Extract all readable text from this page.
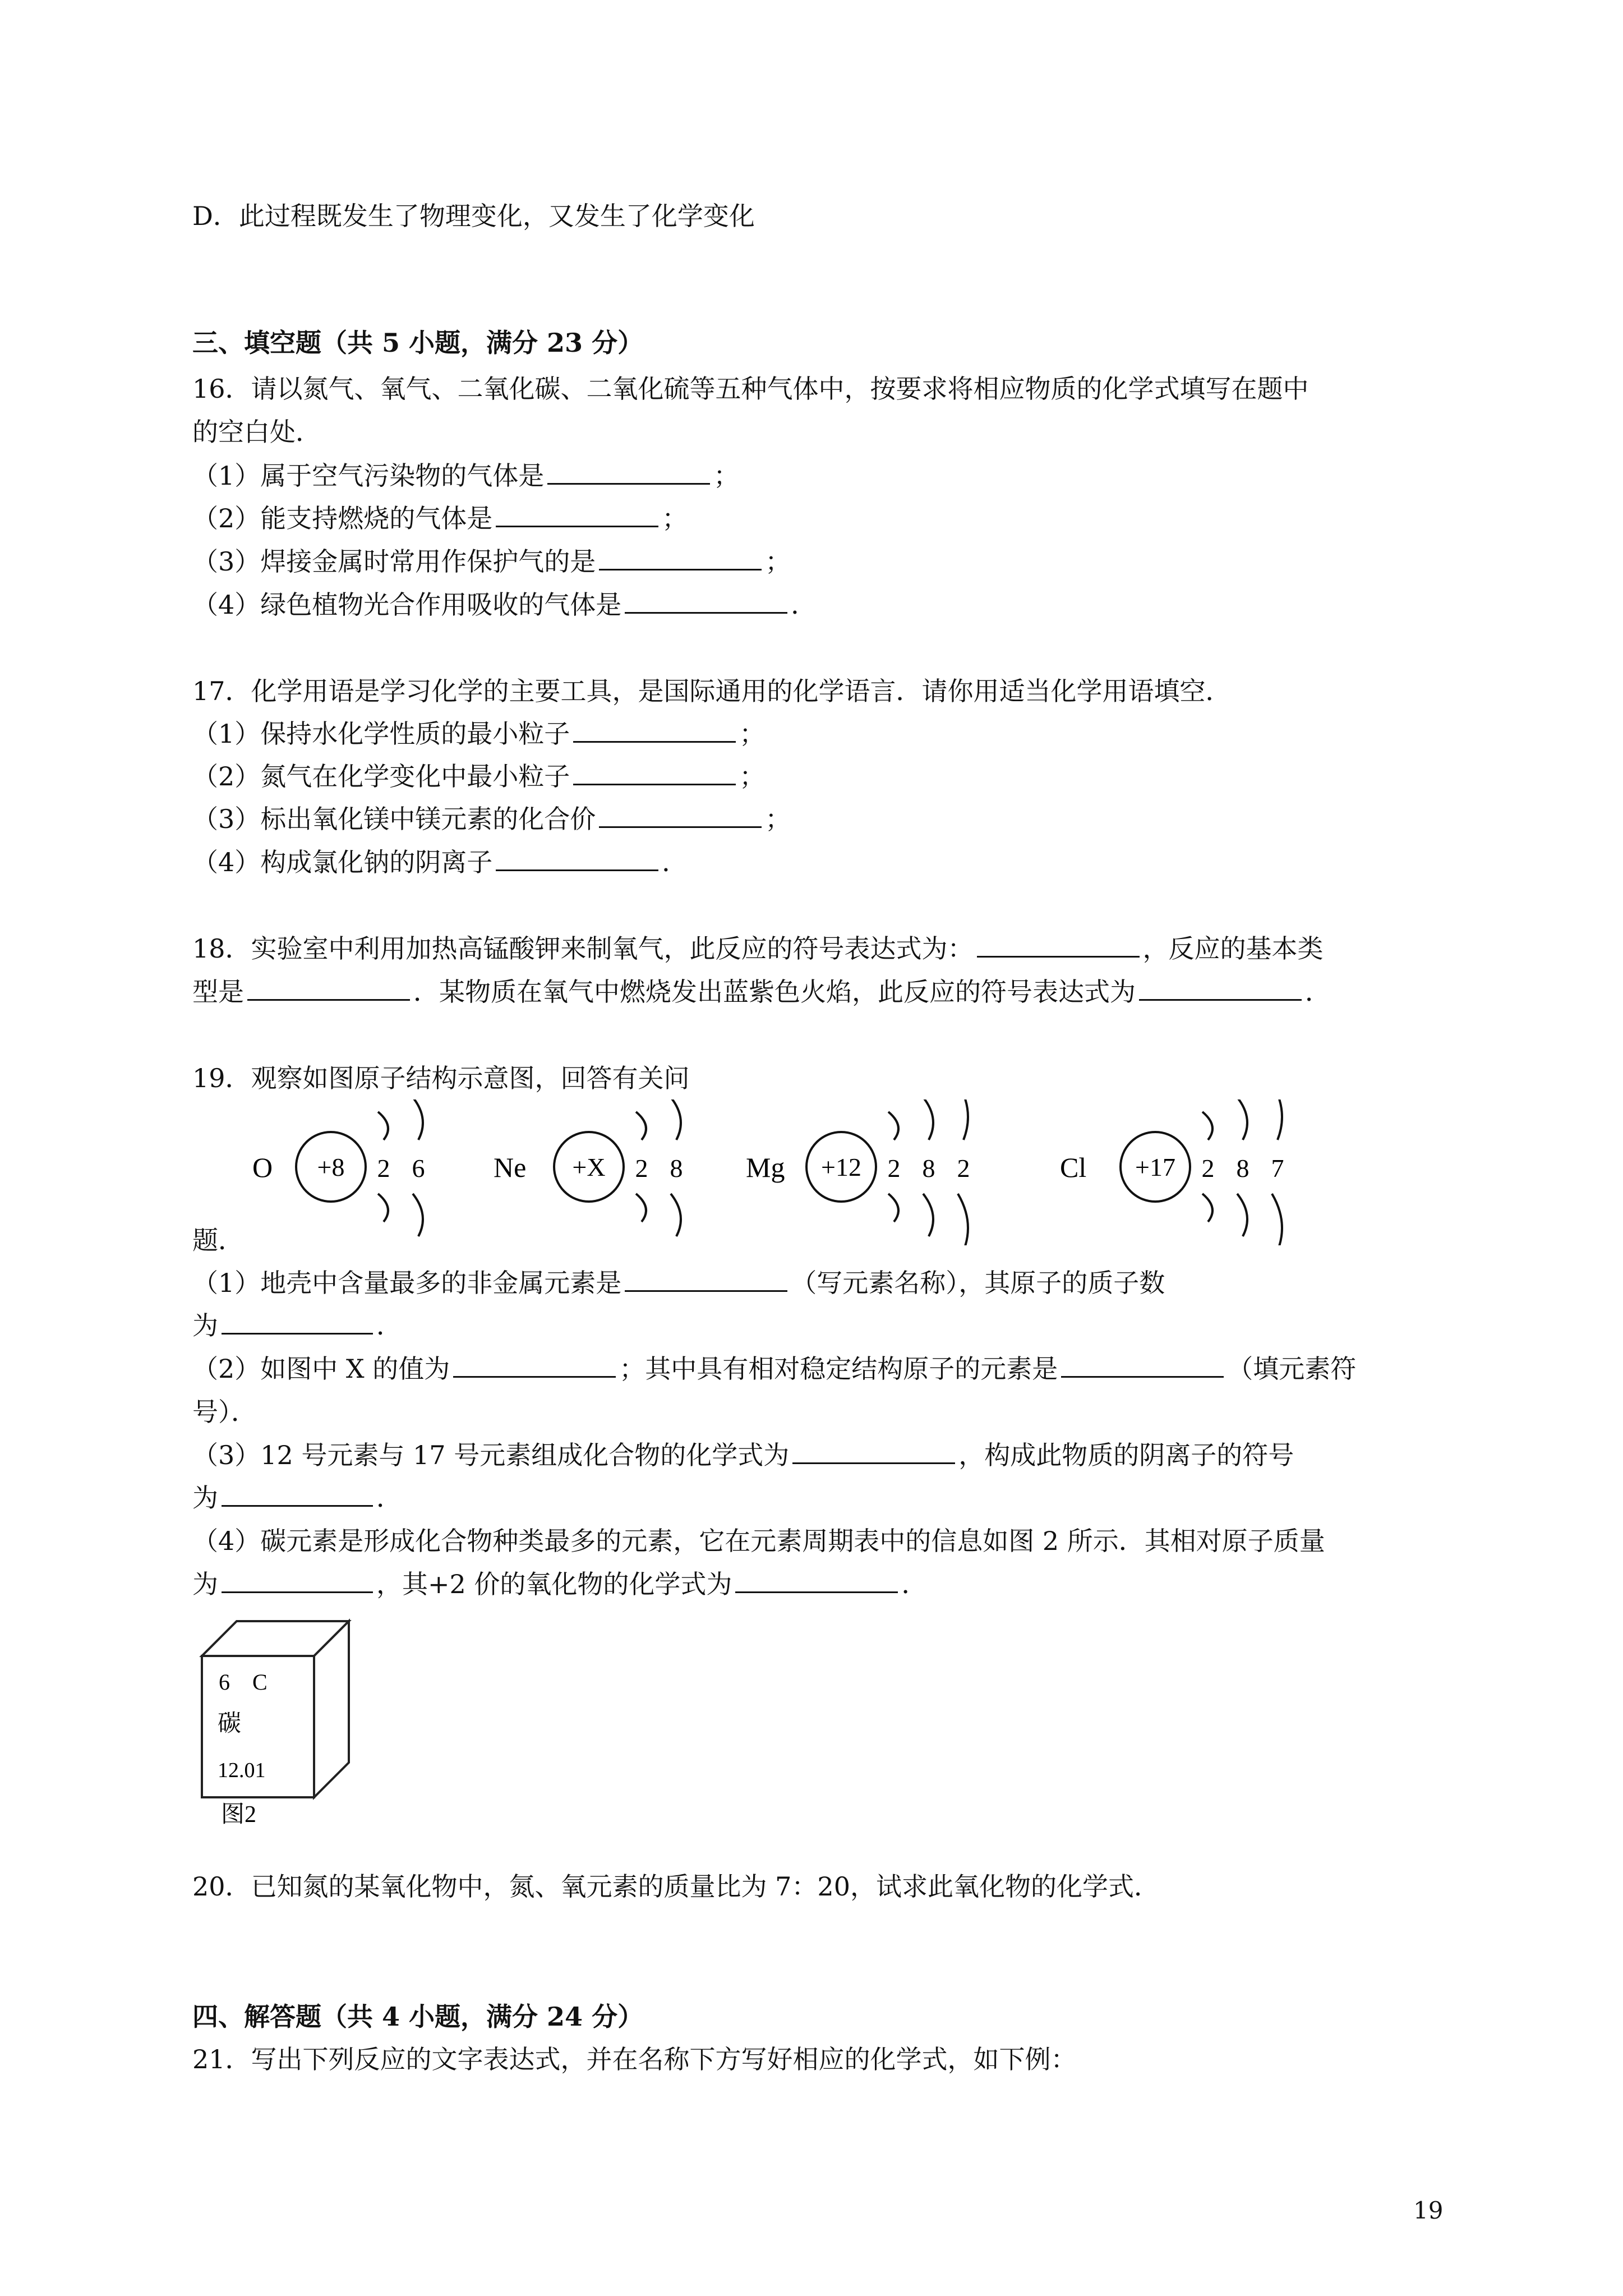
D．此过程既发生了物理变化，又发生了化学变化

三、填空题（共 5 小题，满分 23 分）

16．请以氮气、氧气、二氧化碳、二氧化硫等五种气体中，按要求将相应物质的化学式填写在题中

的空白处．

（1）属于空气污染物的气体是	；

（2）能支持燃烧的气体是	；

（3）焊接金属时常用作保护气的是	；

（4）绿色植物光合作用吸收的气体是	．

17．化学用语是学习化学的主要工具，是国际通用的化学语言．请你用适当化学用语填空．

（1）保持水化学性质的最小粒子	；

（2）氮气在化学变化中最小粒子	；

（3）标出氧化镁中镁元素的化合价	；

（4）构成氯化钠的阴离子	．

18．实验室中利用加热高锰酸钾来制氧气，此反应的符号表达式为：	，反应的基本类

型是	．某物质在氧气中燃烧发出蓝紫色火焰，此反应的符号表达式为	．

19．观察如图原子结构示意图，回答有关问

O +8 2 6 Ne +X 2 8 Mg +12 2 8 2	Cl +17 2 8 7

题．

（1）地壳中含量最多的非金属元素是	（写元素名称），其原子的质子数

为	．

（2）如图中 X 的值为	；其中具有相对稳定结构原子的元素是	（填元素符

号）．

（3）12 号元素与 17 号元素组成化合物的化学式为	，构成此物质的阴离子的符号

为	．

（4）碳元素是形成化合物种类最多的元素，它在元素周期表中的信息如图 2 所示．其相对原子质量

为	，其+2 价的氧化物的化学式为	．

6 C
碳
12.01
图2

20．已知氮的某氧化物中，氮、氧元素的质量比为 7：20，试求此氧化物的化学式．

四、解答题（共 4 小题，满分 24 分）

21．写出下列反应的文字表达式，并在名称下方写好相应的化学式，如下例：

19
